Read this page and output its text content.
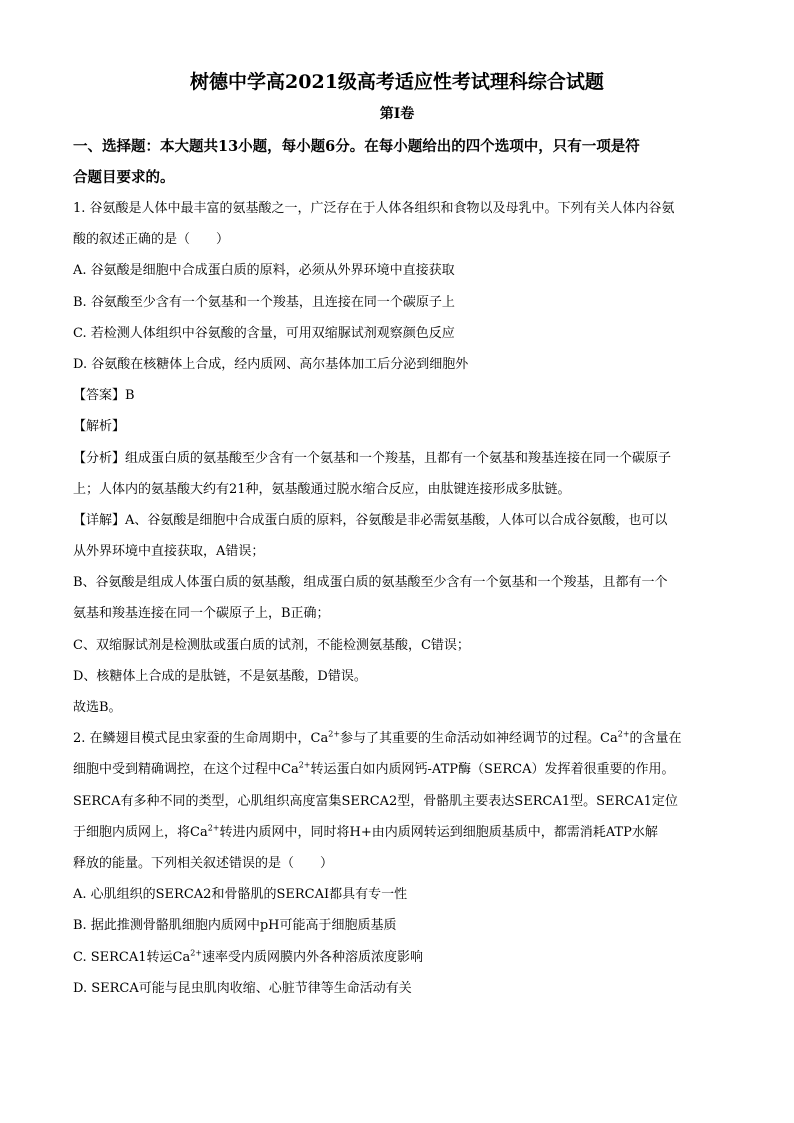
树德中学高2021级高考适应性考试理科综合试题
第I卷

一、选择题：本大题共13小题，每小题6分。在每小题给出的四个选项中，只有一项是符

合题目要求的。

1. 谷氨酸是人体中最丰富的氨基酸之一，广泛存在于人体各组织和食物以及母乳中。下列有关人体内谷氨

酸的叙述正确的是（　　）

A. 谷氨酸是细胞中合成蛋白质的原料，必须从外界环境中直接获取

B. 谷氨酸至少含有一个氨基和一个羧基，且连接在同一个碳原子上

C. 若检测人体组织中谷氨酸的含量，可用双缩脲试剂观察颜色反应

D. 谷氨酸在核糖体上合成，经内质网、高尔基体加工后分泌到细胞外

【答案】B

【解析】

【分析】组成蛋白质的氨基酸至少含有一个氨基和一个羧基，且都有一个氨基和羧基连接在同一个碳原子

上；人体内的氨基酸大约有21种，氨基酸通过脱水缩合反应，由肽键连接形成多肽链。

【详解】A、谷氨酸是细胞中合成蛋白质的原料，谷氨酸是非必需氨基酸，人体可以合成谷氨酸，也可以

从外界环境中直接获取，A错误；

B、谷氨酸是组成人体蛋白质的氨基酸，组成蛋白质的氨基酸至少含有一个氨基和一个羧基，且都有一个

氨基和羧基连接在同一个碳原子上，B正确；

C、双缩脲试剂是检测肽或蛋白质的试剂，不能检测氨基酸，C错误；

D、核糖体上合成的是肽链，不是氨基酸，D错误。

故选B。

2. 在鳞翅目模式昆虫家蚕的生命周期中，$Ca^{2+}$参与了其重要的生命活动如神经调节的过程。$Ca^{2+}$的含量在

细胞中受到精确调控，在这个过程中$Ca^{2+}$转运蛋白如内质网钙-ATP酶（SERCA）发挥着很重要的作用。

SERCA有多种不同的类型，心肌组织高度富集SERCA2型，骨骼肌主要表达SERCA1型。SERCA1定位

于细胞内质网上，将$Ca^{2+}$转进内质网中，同时将H+由内质网转运到细胞质基质中，都需消耗ATP水解

释放的能量。下列相关叙述错误的是（　　）

A. 心肌组织的SERCA2和骨骼肌的SERCAI都具有专一性

B. 据此推测骨骼肌细胞内质网中pH可能高于细胞质基质

C. SERCA1转运$Ca^{2+}$速率受内质网膜内外各种溶质浓度影响

D. SERCA可能与昆虫肌肉收缩、心脏节律等生命活动有关
